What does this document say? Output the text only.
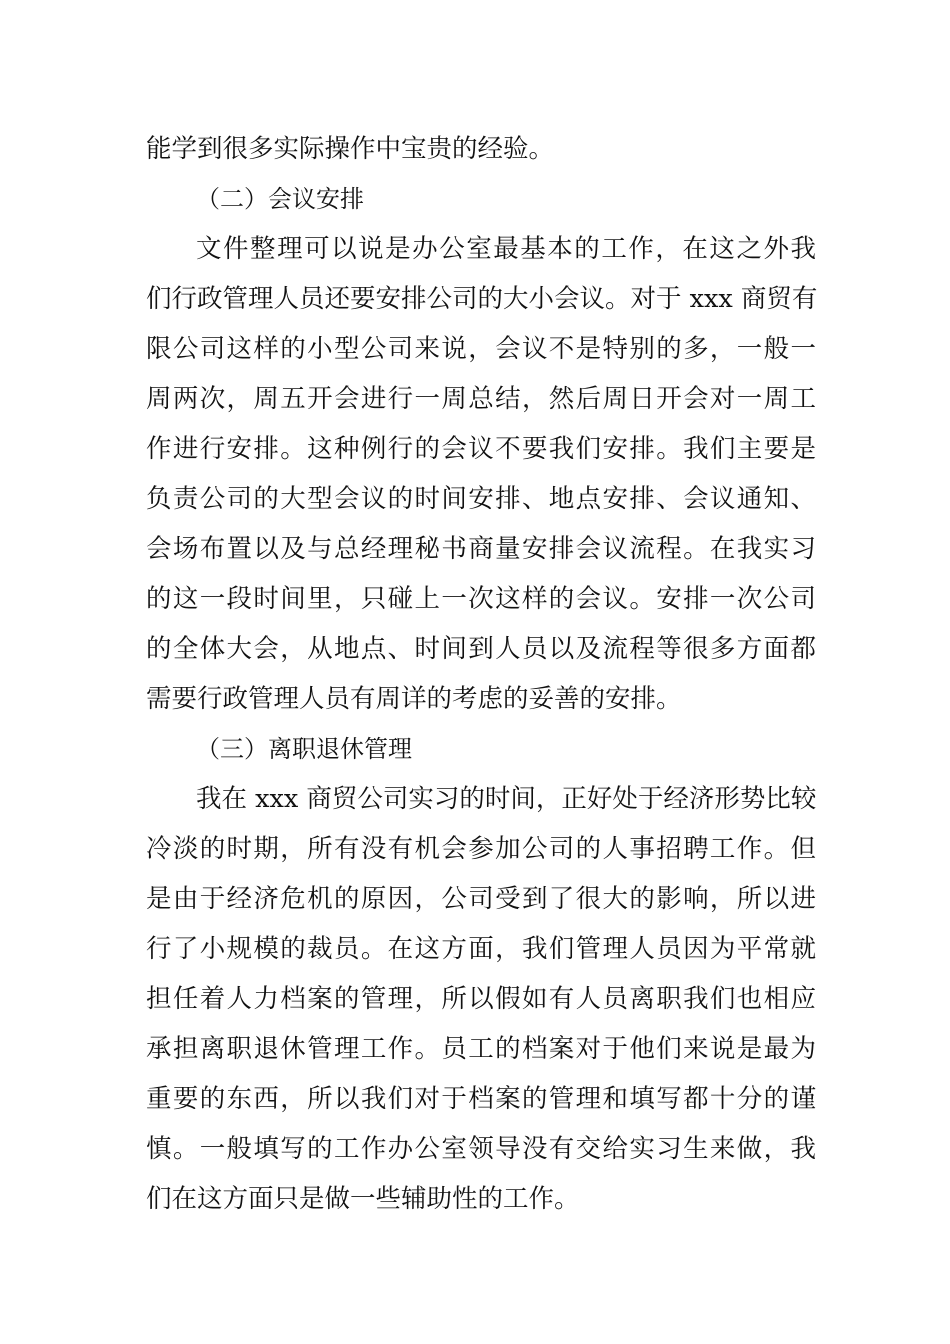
能学到很多实际操作中宝贵的经验。
（二）会议安排
文件整理可以说是办公室最基本的工作，在这之外我
们行政管理人员还要安排公司的大小会议。对于 xxx 商贸有
限公司这样的小型公司来说，会议不是特别的多，一般一
周两次，周五开会进行一周总结，然后周日开会对一周工
作进行安排。这种例行的会议不要我们安排。我们主要是
负责公司的大型会议的时间安排、地点安排、会议通知、
会场布置以及与总经理秘书商量安排会议流程。在我实习
的这一段时间里，只碰上一次这样的会议。安排一次公司
的全体大会，从地点、时间到人员以及流程等很多方面都
需要行政管理人员有周详的考虑的妥善的安排。
（三）离职退休管理
我在 xxx 商贸公司实习的时间，正好处于经济形势比较
冷淡的时期，所有没有机会参加公司的人事招聘工作。但
是由于经济危机的原因，公司受到了很大的影响，所以进
行了小规模的裁员。在这方面，我们管理人员因为平常就
担任着人力档案的管理，所以假如有人员离职我们也相应
承担离职退休管理工作。员工的档案对于他们来说是最为
重要的东西，所以我们对于档案的管理和填写都十分的谨
慎。一般填写的工作办公室领导没有交给实习生来做，我
们在这方面只是做一些辅助性的工作。
